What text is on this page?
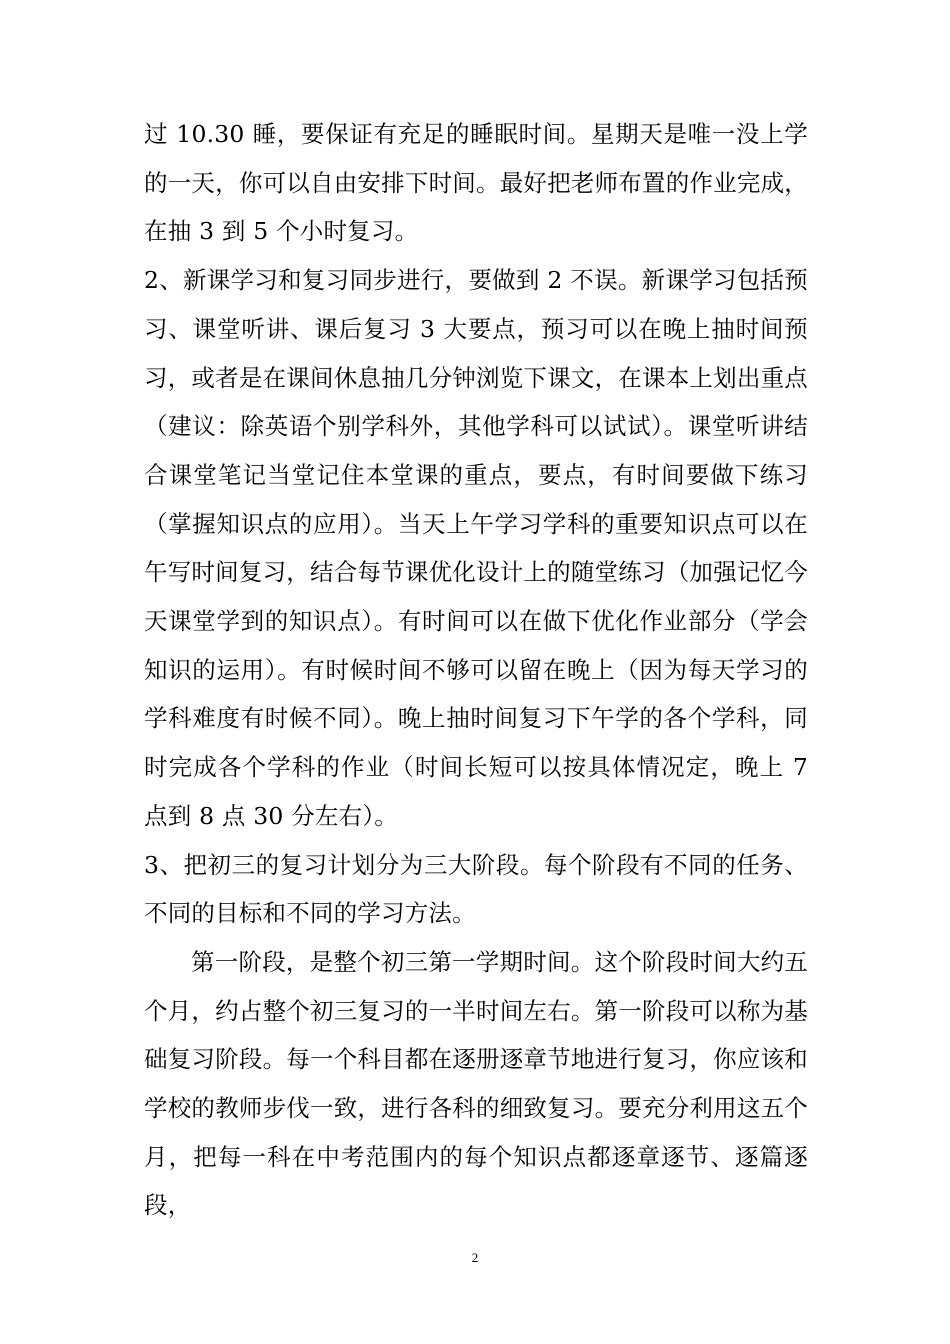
过 10.30 睡，要保证有充足的睡眠时间。星期天是唯一没上学的一天，你可以自由安排下时间。最好把老师布置的作业完成，在抽 3 到 5 个小时复习。

2、新课学习和复习同步进行，要做到 2 不误。新课学习包括预习、课堂听讲、课后复习 3 大要点，预习可以在晚上抽时间预习，或者是在课间休息抽几分钟浏览下课文，在课本上划出重点（建议：除英语个别学科外，其他学科可以试试）。课堂听讲结合课堂笔记当堂记住本堂课的重点，要点，有时间要做下练习（掌握知识点的应用）。当天上午学习学科的重要知识点可以在午写时间复习，结合每节课优化设计上的随堂练习（加强记忆今天课堂学到的知识点）。有时间可以在做下优化作业部分（学会知识的运用）。有时候时间不够可以留在晚上（因为每天学习的学科难度有时候不同）。晚上抽时间复习下午学的各个学科，同时完成各个学科的作业（时间长短可以按具体情况定，晚上 7 点到 8 点 30 分左右）。

3、把初三的复习计划分为三大阶段。每个阶段有不同的任务、不同的目标和不同的学习方法。

第一阶段，是整个初三第一学期时间。这个阶段时间大约五个月，约占整个初三复习的一半时间左右。第一阶段可以称为基础复习阶段。每一个科目都在逐册逐章节地进行复习，你应该和学校的教师步伐一致，进行各科的细致复习。要充分利用这五个月，把每一科在中考范围内的每个知识点都逐章逐节、逐篇逐段，

2
